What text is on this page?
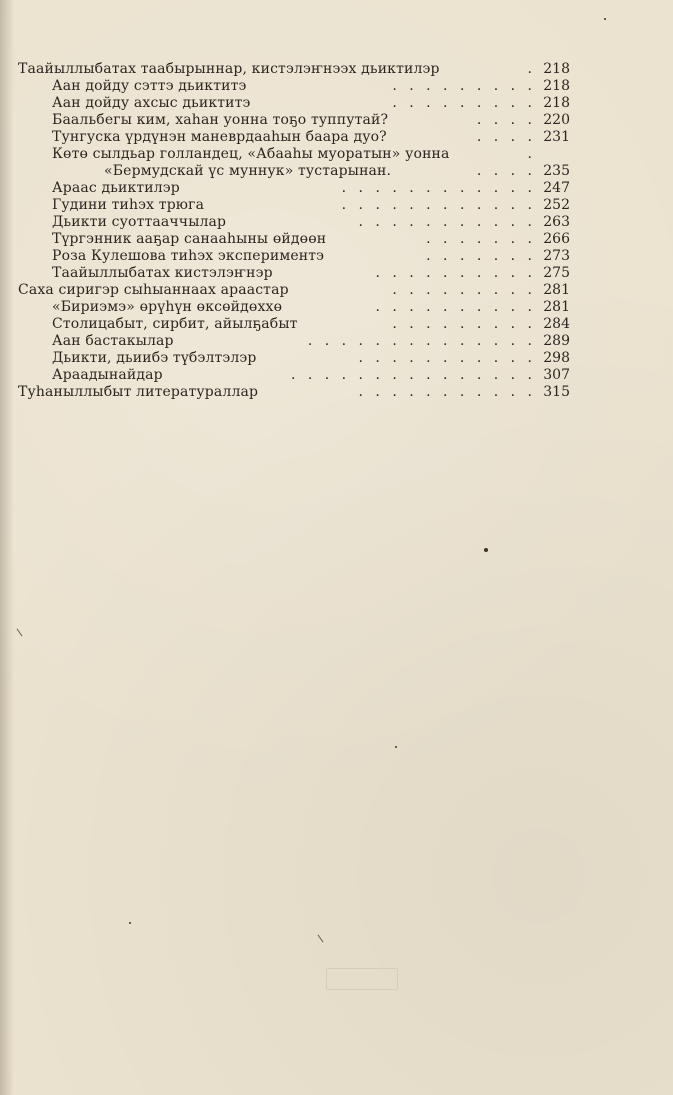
Таайыллыбатах таабырыннар, кистэлэҥнээх дьиктилэр	. 218
Аан дойду сэттэ дьиктитэ	. . . . . . . . . 218
Аан дойду ахсыс дьиктитэ	. . . . . . . . . 218
Баальбегы ким, хаһан уонна тоҕо туппутай?	. . . . 220
Тунгуска үрдүнэн маневрдааһын баара дуо?	. . . . 231
Көтө сылдьар голландец, «Абааһы муоратын» уонна	.
«Бермудскай үс муннук» тустарынан.	. . . . 235
Араас дьиктилэр	. . . . . . . . . . . . 247
Гудини тиһэх трюга	. . . . . . . . . . . . 252
Дьикти суоттааччылар	. . . . . . . . . . . 263
Түргэнник ааҕар санааһыны өйдөөн	. . . . . . . 266
Роза Кулешова тиһэх экспериментэ	. . . . . . . 273
Таайыллыбатах кистэлэҥнэр	. . . . . . . . . . 275
Саха сиригэр сыһыаннаах араастар	. . . . . . . . . 281
«Бириэмэ» өрүһүн өксөйдөххө	. . . . . . . . . . 281
Столицабыт, сирбит, айылҕабыт	. . . . . . . . . 284
Аан бастакылар	. . . . . . . . . . . . . . 289
Дьикти, дьиибэ түбэлтэлэр	. . . . . . . . . . . 298
Араадынайдар	. . . . . . . . . . . . . . . 307
Туһаныллыбыт литератураллар	. . . . . . . . . . . 315
